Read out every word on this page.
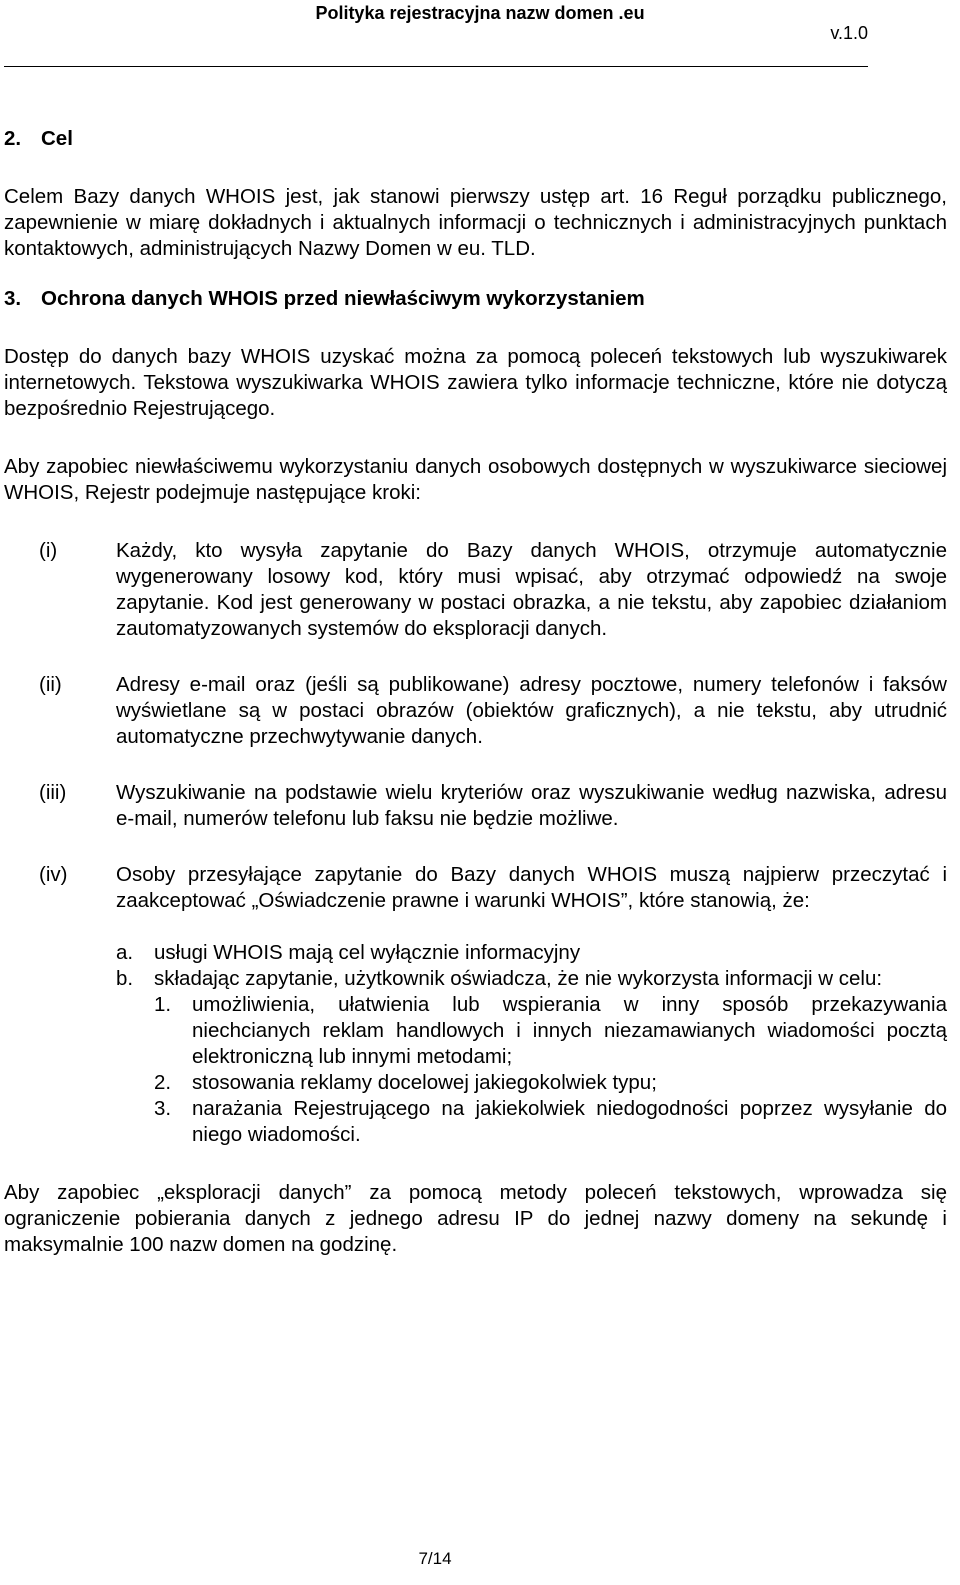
Polityka rejestracyjna nazw domen .eu
v.1.0
2. Cel

Celem Bazy danych WHOIS jest, jak stanowi pierwszy ustęp art. 16 Reguł porządku publicznego, zapewnienie w miarę dokładnych i aktualnych informacji o technicznych i administracyjnych punktach kontaktowych, administrujących Nazwy Domen w eu. TLD.

3. Ochrona danych WHOIS przed niewłaściwym wykorzystaniem

Dostęp do danych bazy WHOIS uzyskać można za pomocą poleceń tekstowych lub wyszukiwarek internetowych. Tekstowa wyszukiwarka WHOIS zawiera tylko informacje techniczne, które nie dotyczą bezpośrednio Rejestrującego.

Aby zapobiec niewłaściwemu wykorzystaniu danych osobowych dostępnych w wyszukiwarce sieciowej WHOIS, Rejestr podejmuje następujące kroki:

(i)	Każdy, kto wysyła zapytanie do Bazy danych WHOIS, otrzymuje automatycznie wygenerowany losowy kod, który musi wpisać, aby otrzymać odpowiedź na swoje zapytanie. Kod jest generowany w postaci obrazka, a nie tekstu, aby zapobiec działaniom zautomatyzowanych systemów do eksploracji danych.
(ii)	Adresy e-mail oraz (jeśli są publikowane) adresy pocztowe, numery telefonów i faksów wyświetlane są w postaci obrazów (obiektów graficznych), a nie tekstu, aby utrudnić automatyczne przechwytywanie danych.
(iii) Wyszukiwanie na podstawie wielu kryteriów oraz wyszukiwanie według nazwiska, adresu e-mail, numerów telefonu lub faksu nie będzie możliwe.
(iv) Osoby przesyłające zapytanie do Bazy danych WHOIS muszą najpierw przeczytać i zaakceptować „Oświadczenie prawne i warunki WHOIS”, które stanowią, że:
a. usługi WHOIS mają cel wyłącznie informacyjny
b. składając zapytanie, użytkownik oświadcza, że nie wykorzysta informacji w celu:
1. umożliwienia, ułatwienia lub wspierania w inny sposób przekazywania niechcianych reklam handlowych i innych niezamawianych wiadomości pocztą elektroniczną lub innymi metodami;
2. stosowania reklamy docelowej jakiegokolwiek typu;
3. narażania Rejestrującego na jakiekolwiek niedogodności poprzez wysyłanie do niego wiadomości.

Aby zapobiec „eksploracji danych” za pomocą metody poleceń tekstowych, wprowadza się ograniczenie pobierania danych z jednego adresu IP do jednej nazwy domeny na sekundę i maksymalnie 100 nazw domen na godzinę.

7/14
